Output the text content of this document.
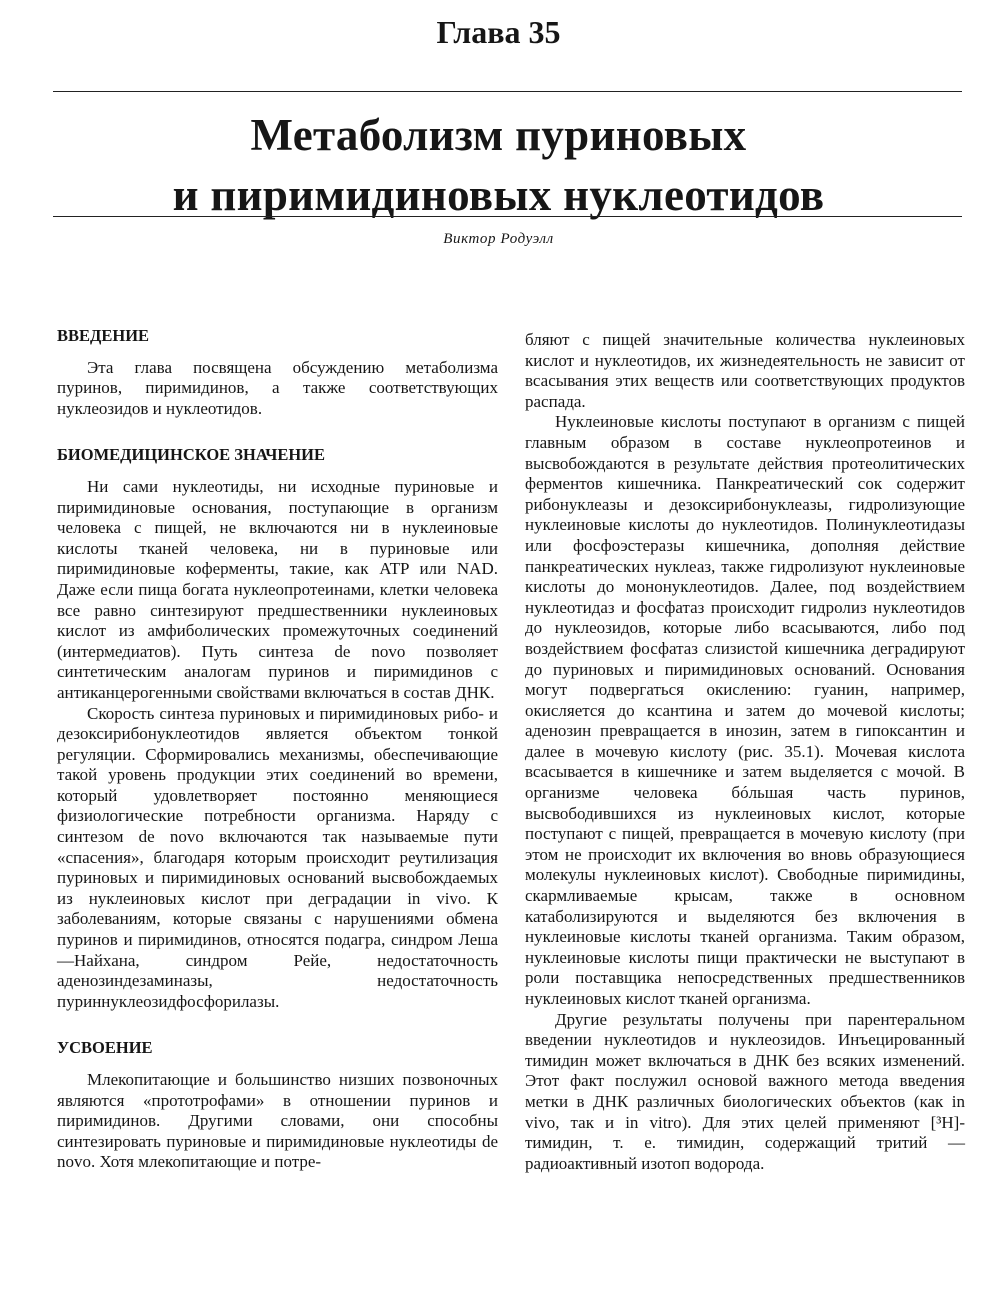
Глава 35
Метаболизм пуриновых
и пиримидиновых нуклеотидов
Виктор Родуэлл
ВВЕДЕНИЕ

Эта глава посвящена обсуждению метаболизма пуринов, пиримидинов, а также соответствующих нуклеозидов и нуклеотидов.

БИОМЕДИЦИНСКОЕ ЗНАЧЕНИЕ

Ни сами нуклеотиды, ни исходные пуриновые и пиримидиновые основания, поступающие в организм человека с пищей, не включаются ни в нуклеиновые кислоты тканей человека, ни в пуриновые или пиримидиновые коферменты, такие, как ATP или NAD. Даже если пища богата нуклеопротеинами, клетки человека все равно синтезируют предшественники нуклеиновых кислот из амфиболических промежуточных соединений (интермедиатов). Путь синтеза de novo позволяет синтетическим аналогам пуринов и пиримидинов с антиканцерогенными свойствами включаться в состав ДНК.

Скорость синтеза пуриновых и пиримидиновых рибо- и дезоксирибонуклеотидов является объектом тонкой регуляции. Сформировались механизмы, обеспечивающие такой уровень продукции этих соединений во времени, который удовлетворяет постоянно меняющиеся физиологические потребности организма. Наряду с синтезом de novo включаются так называемые пути «спасения», благодаря которым происходит реутилизация пуриновых и пиримидиновых оснований высвобождаемых из нуклеиновых кислот при деградации in vivo. К заболеваниям, которые связаны с нарушениями обмена пуринов и пиримидинов, относятся подагра, синдром Леша—Найхана, синдром Рейе, недостаточность аденозиндезаминазы, недостаточность пуриннуклеозидфосфорилазы.

УСВОЕНИЕ

Млекопитающие и большинство низших позвоночных являются «прототрофами» в отношении пуринов и пиримидинов. Другими словами, они способны синтезировать пуриновые и пиримидиновые нуклеотиды de novo. Хотя млекопитающие и потре-

бляют с пищей значительные количества нуклеиновых кислот и нуклеотидов, их жизнедеятельность не зависит от всасывания этих веществ или соответствующих продуктов распада.

Нуклеиновые кислоты поступают в организм с пищей главным образом в составе нуклеопротеинов и высвобождаются в результате действия протеолитических ферментов кишечника. Панкреатический сок содержит рибонуклеазы и дезоксирибонуклеазы, гидролизующие нуклеиновые кислоты до нуклеотидов. Полинуклеотидазы или фосфоэстеразы кишечника, дополняя действие панкреатических нуклеаз, также гидролизуют нуклеиновые кислоты до мононуклеотидов. Далее, под воздействием нуклеотидаз и фосфатаз происходит гидролиз нуклеотидов до нуклеозидов, которые либо всасываются, либо под воздействием фосфатаз слизистой кишечника деградируют до пуриновых и пиримидиновых оснований. Основания могут подвергаться окислению: гуанин, например, окисляется до ксантина и затем до мочевой кислоты; аденозин превращается в инозин, затем в гипоксантин и далее в мочевую кислоту (рис. 35.1). Мочевая кислота всасывается в кишечнике и затем выделяется с мочой. В организме человека бóльшая часть пуринов, высвободившихся из нуклеиновых кислот, которые поступают с пищей, превращается в мочевую кислоту (при этом не происходит их включения во вновь образующиеся молекулы нуклеиновых кислот). Свободные пиримидины, скармливаемые крысам, также в основном катаболизируются и выделяются без включения в нуклеиновые кислоты тканей организма. Таким образом, нуклеиновые кислоты пищи практически не выступают в роли поставщика непосредственных предшественников нуклеиновых кислот тканей организма.

Другие результаты получены при парентеральном введении нуклеотидов и нуклеозидов. Инъецированный тимидин может включаться в ДНК без всяких изменений. Этот факт послужил основой важного метода введения метки в ДНК различных биологических объектов (как in vivo, так и in vitro). Для этих целей применяют [³H]-тимидин, т. е. тимидин, содержащий тритий — радиоактивный изотоп водорода.
